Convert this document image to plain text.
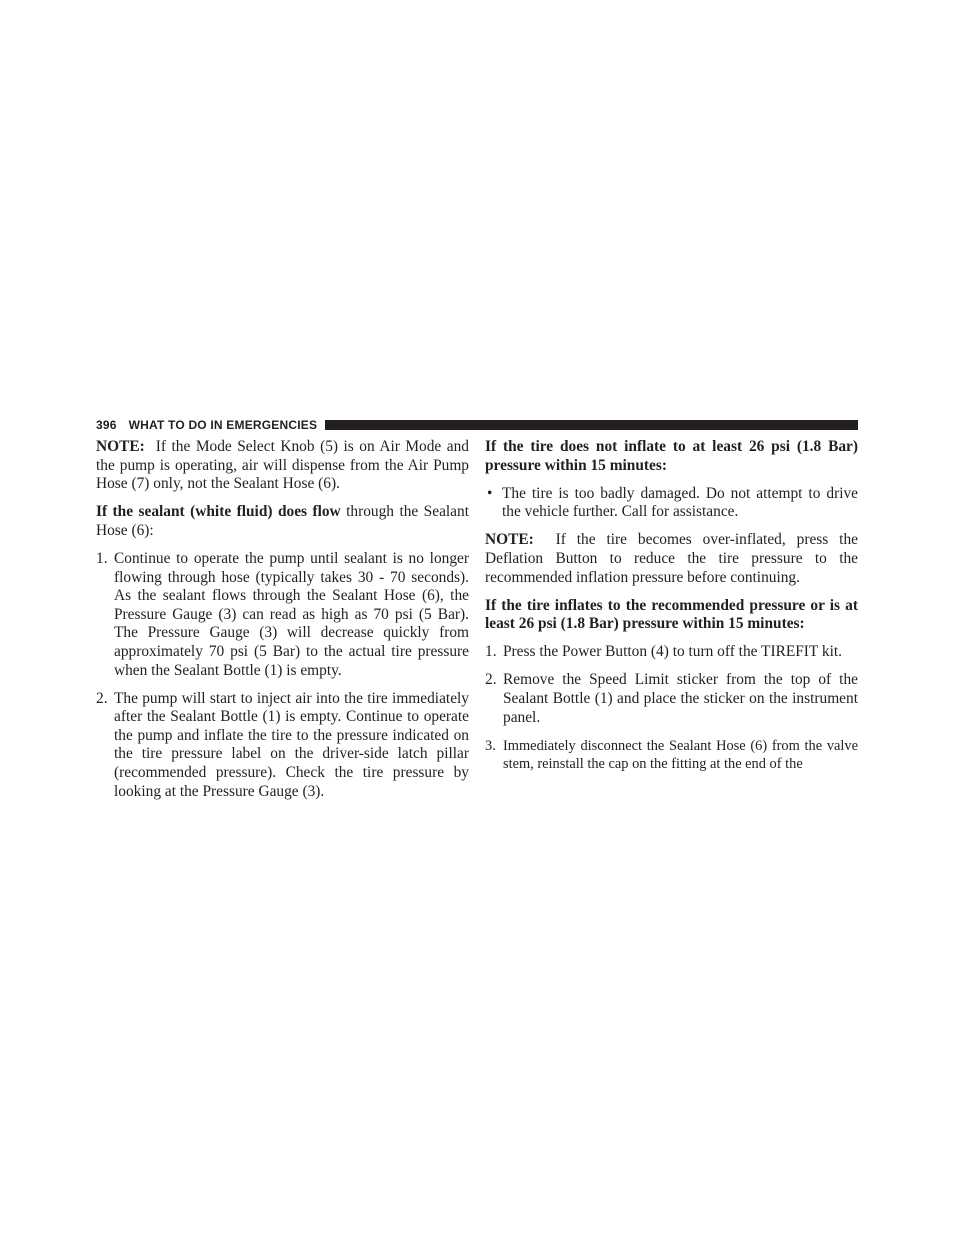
396 WHAT TO DO IN EMERGENCIES

NOTE: If the Mode Select Knob (5) is on Air Mode and the pump is operating, air will dispense from the Air Pump Hose (7) only, not the Sealant Hose (6).

If the sealant (white fluid) does flow through the Sealant Hose (6):

1. Continue to operate the pump until sealant is no longer flowing through hose (typically takes 30 - 70 seconds). As the sealant flows through the Sealant Hose (6), the Pressure Gauge (3) can read as high as 70 psi (5 Bar). The Pressure Gauge (3) will decrease quickly from approximately 70 psi (5 Bar) to the actual tire pressure when the Sealant Bottle (1) is empty.
2. The pump will start to inject air into the tire immediately after the Sealant Bottle (1) is empty. Continue to operate the pump and inflate the tire to the pressure indicated on the tire pressure label on the driver-side latch pillar (recommended pressure). Check the tire pressure by looking at the Pressure Gauge (3).

If the tire does not inflate to at least 26 psi (1.8 Bar) pressure within 15 minutes:

• The tire is too badly damaged. Do not attempt to drive the vehicle further. Call for assistance.

NOTE: If the tire becomes over-inflated, press the Deflation Button to reduce the tire pressure to the recommended inflation pressure before continuing.

If the tire inflates to the recommended pressure or is at least 26 psi (1.8 Bar) pressure within 15 minutes:

1. Press the Power Button (4) to turn off the TIREFIT kit.
2. Remove the Speed Limit sticker from the top of the Sealant Bottle (1) and place the sticker on the instrument panel.
3. Immediately disconnect the Sealant Hose (6) from the valve stem, reinstall the cap on the fitting at the end of the
